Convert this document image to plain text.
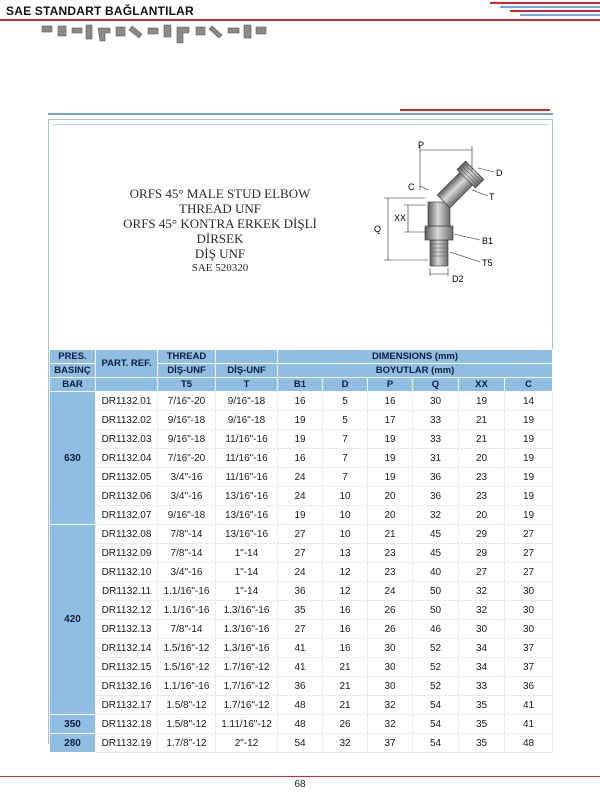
SAE STANDART BAĞLANTILAR
ORFS 45° MALE STUD ELBOW
THREAD UNF
ORFS 45° KONTRA ERKEK DİŞLİ DİRSEK
DİŞ UNF
SAE 520320
P
D
C
T
XX
Q
B1
T5
D2
PRES.	PART. REF.	THREAD		DIMENSIONS (mm)					
BASINÇ		DİŞ-UNF	DİŞ-UNF	BOYUTLAR (mm)					
BAR		T5	T	B1	D	P	Q	XX	C
630	DR1132.01	7/16"-20	9/16"-18	16	5	16	30	19	14
	DR1132.02	9/16"-18	9/16"-18	19	5	17	33	21	19
	DR1132.03	9/16"-18	11/16"-16	19	7	19	33	21	19
	DR1132.04	7/16"-20	11/16"-16	16	7	19	31	20	19
	DR1132.05	3/4"-16	11/16"-16	24	7	19	36	23	19
	DR1132.06	3/4"-16	13/16"-16	24	10	20	36	23	19
	DR1132.07	9/16"-18	13/16"-16	19	10	20	32	20	19
420	DR1132.08	7/8"-14	13/16"-16	27	10	21	45	29	27
	DR1132.09	7/8"-14	1"-14	27	13	23	45	29	27
	DR1132.10	3/4"-16	1"-14	24	12	23	40	27	27
	DR1132.11	1.1/16"-16	1"-14	36	12	24	50	32	30
	DR1132.12	1.1/16"-16	1.3/16"-16	35	16	26	50	32	30
	DR1132.13	7/8"-14	1.3/16"-16	27	16	26	46	30	30
	DR1132.14	1.5/16"-12	1.3/16"-16	41	16	30	52	34	37
	DR1132.15	1.5/16"-12	1.7/16"-12	41	21	30	52	34	37
	DR1132.16	1.1/16"-16	1.7/16"-12	36	21	30	52	33	36
	DR1132.17	1.5/8"-12	1.7/16"-12	48	21	32	54	35	41
350	DR1132.18	1.5/8"-12	1.11/16"-12	48	26	32	54	35	41
280	DR1132.19	1.7/8"-12	2"-12	54	32	37	54	35	48
68
